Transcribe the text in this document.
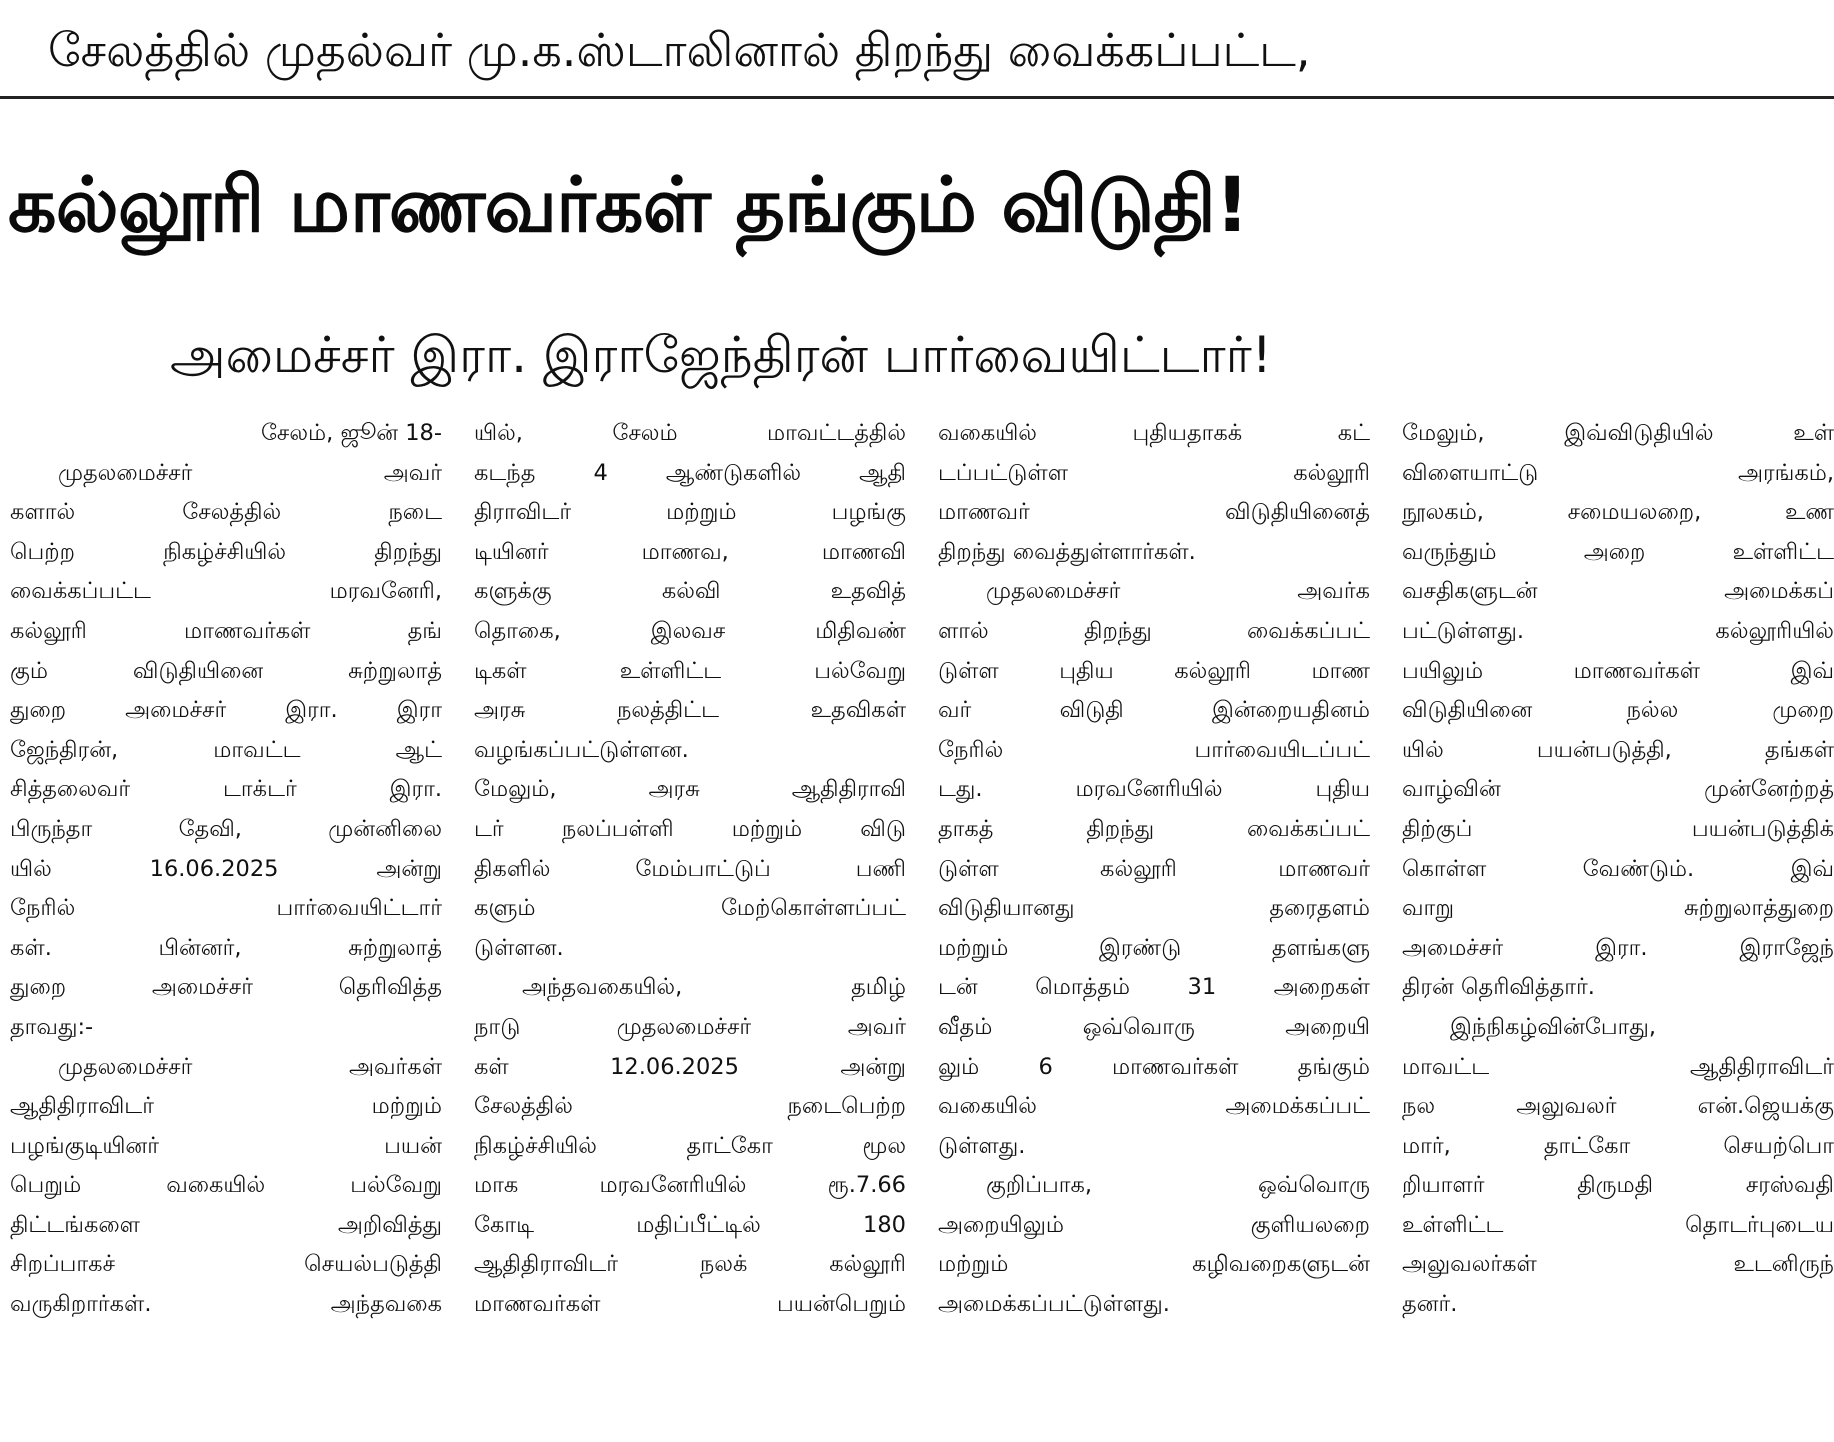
சேலத்தில் முதல்வர் மு.க.ஸ்டாலினால் திறந்து வைக்கப்பட்ட,
கல்லூரி மாணவர்கள் தங்கும் விடுதி!
அமைச்சர் இரா. இராஜேந்திரன் பார்வையிட்டார்!
சேலம், ஜூன் 18-
முதலமைச்சர் அவர்
களால் சேலத்தில் நடை
பெற்ற நிகழ்ச்சியில் திறந்து
வைக்கப்பட்ட மரவனேரி,
கல்லூரி மாணவர்கள் தங்
கும் விடுதியினை சுற்றுலாத்
துறை அமைச்சர் இரா. இரா
ஜேந்திரன், மாவட்ட ஆட்
சித்தலைவர் டாக்டர் இரா.
பிருந்தா தேவி, முன்னிலை
யில் 16.06.2025 அன்று
நேரில் பார்வையிட்டார்
கள். பின்னர், சுற்றுலாத்
துறை அமைச்சர் தெரிவித்த
தாவது:-
முதலமைச்சர் அவர்கள்
ஆதிதிராவிடர் மற்றும்
பழங்குடியினர் பயன்
பெறும் வகையில் பல்வேறு
திட்டங்களை அறிவித்து
சிறப்பாகச் செயல்படுத்தி
வருகிறார்கள். அந்தவகை
யில், சேலம் மாவட்டத்தில்
கடந்த 4 ஆண்டுகளில் ஆதி
திராவிடர் மற்றும் பழங்கு
டியினர் மாணவ, மாணவி
களுக்கு கல்வி உதவித்
தொகை, இலவச மிதிவண்
டிகள் உள்ளிட்ட பல்வேறு
அரசு நலத்திட்ட உதவிகள்
வழங்கப்பட்டுள்ளன.
மேலும், அரசு ஆதிதிராவி
டர் நலப்பள்ளி மற்றும் விடு
திகளில் மேம்பாட்டுப் பணி
களும் மேற்கொள்ளப்பட்
டுள்ளன.
அந்தவகையில், தமிழ்
நாடு முதலமைச்சர் அவர்
கள் 12.06.2025 அன்று
சேலத்தில் நடைபெற்ற
நிகழ்ச்சியில் தாட்கோ மூல
மாக மரவனேரியில் ரூ.7.66
கோடி மதிப்பீட்டில் 180
ஆதிதிராவிடர் நலக் கல்லூரி
மாணவர்கள் பயன்பெறும்
வகையில் புதியதாகக் கட்
டப்பட்டுள்ள கல்லூரி
மாணவர் விடுதியினைத்
திறந்து வைத்துள்ளார்கள்.
முதலமைச்சர் அவர்க
ளால் திறந்து வைக்கப்பட்
டுள்ள புதிய கல்லூரி மாண
வர் விடுதி இன்றையதினம்
நேரில் பார்வையிடப்பட்
டது. மரவனேரியில் புதிய
தாகத் திறந்து வைக்கப்பட்
டுள்ள கல்லூரி மாணவர்
விடுதியானது தரைதளம்
மற்றும் இரண்டு தளங்களு
டன் மொத்தம் 31 அறைகள்
வீதம் ஒவ்வொரு அறையி
லும் 6 மாணவர்கள் தங்கும்
வகையில் அமைக்கப்பட்
டுள்ளது.
குறிப்பாக, ஒவ்வொரு
அறையிலும் குளியலறை
மற்றும் கழிவறைகளுடன்
அமைக்கப்பட்டுள்ளது.
மேலும், இவ்விடுதியில் உள்
விளையாட்டு அரங்கம்,
நூலகம், சமையலறை, உண
வருந்தும் அறை உள்ளிட்ட
வசதிகளுடன் அமைக்கப்
பட்டுள்ளது. கல்லூரியில்
பயிலும் மாணவர்கள் இவ்
விடுதியினை நல்ல முறை
யில் பயன்படுத்தி, தங்கள்
வாழ்வின் முன்னேற்றத்
திற்குப் பயன்படுத்திக்
கொள்ள வேண்டும். இவ்
வாறு சுற்றுலாத்துறை
அமைச்சர் இரா. இராஜேந்
திரன் தெரிவித்தார்.
இந்நிகழ்வின்போது,
மாவட்ட ஆதிதிராவிடர்
நல அலுவலர் என்.ஜெயக்கு
மார், தாட்கோ செயற்பொ
றியாளர் திருமதி சரஸ்வதி
உள்ளிட்ட தொடர்புடைய
அலுவலர்கள் உடனிருந்
தனர்.
